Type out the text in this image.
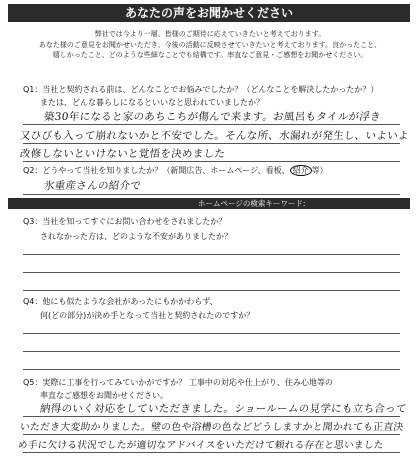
あなたの声をお聞かせください
弊社では今より一層、皆様のご期待に応えていきたいと考えております。
あなた様のご意見をお聞かせいただき、今後の活動に反映させていきたいと考えております。良かったこと、
嬉しかったこと、どのような些細なことでも結構です。率直なご意見・ご感想をお聞かせください。
Q1：当社と契約される前は、どんなことでお悩みでしたか？（どんなことを解決したかったか？）
または、どんな暮らしになるといいなと思われていましたか？
築30年になると家のあちこちが傷んで来ます。お風呂もタイルが浮き
又ひびも入って崩れないかと不安でした。そんな所、水漏れが発生し、いよいよ
改修しないといけないと覚悟を決めました
Q2：どうやって当社を知りましたか？（新聞広告、ホームページ、看板、 紹介 等）
氷重産さんの紹介で
ホームページの検索キーワード:
Q3：当社を知ってすぐにお問い合わせをされましたか？
されなかった方は、どのような不安がありましたか？
Q4：他にも似たような会社があったにもかかわらず、
何(どの部分)が決め手となって当社と契約されたのですか？
Q5：実際に工事を行ってみていかがですか？ 工事中の対応や仕上がり、住み心地等の
率直なご感想をお聞かせください。
納得のいく対応をしていただきました。ショールームの見学にも立ち合って
いただき大変助かりました。壁の色や浴槽の色などどうしますかと聞かれても正直決
め手に欠ける状況でしたが適切なアドバイスをいただけて頼れる存在と思いました
